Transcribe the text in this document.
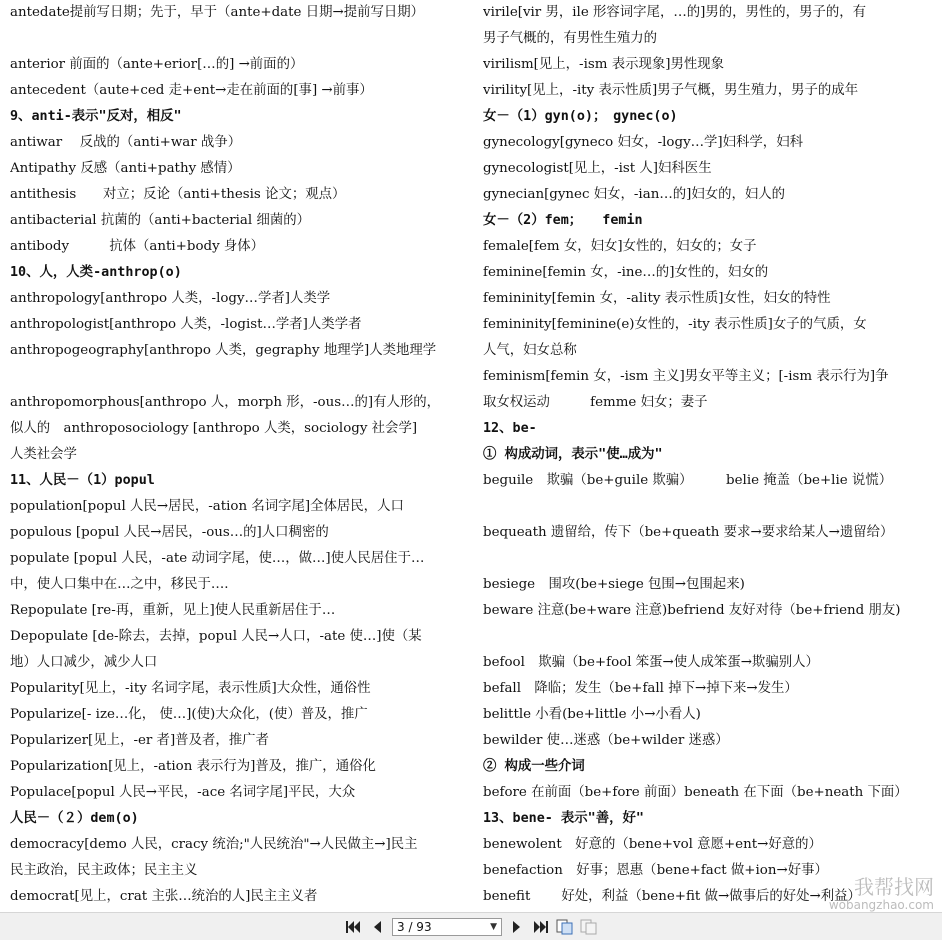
antedate提前写日期；先于，早于（ante+date 日期→提前写日期）
anterior 前面的（ante+erior[…的] →前面的）
antecedent（aute+ced 走+ent→走在前面的[事] →前事）
9、anti-表示"反对，相反"
antiwar　 反战的（anti+war 战争）
Antipathy 反感（anti+pathy 感情）
antithesis　　对立；反论（anti+thesis 论文；观点）
antibacterial 抗菌的（anti+bacterial 细菌的）
antibody　　　抗体（anti+body 身体）
10、人，人类-anthrop(o)
anthropology[anthropo 人类，-logy…学者]人类学
anthropologist[anthropo 人类，-logist…学者]人类学者
anthropogeography[anthropo 人类，gegraphy 地理学]人类地理学
anthropomorphous[anthropo 人，morph 形，-ous…的]有人形的，
似人的　anthroposociology [anthropo 人类，sociology 社会学]
人类社会学
11、人民－（1）popul
population[popul 人民→居民，-ation 名词字尾]全体居民，人口
populous [popul 人民→居民，-ous…的]人口稠密的
populate [popul 人民，-ate 动词字尾，使…，做…]使人民居住于…
中，使人口集中在…之中，移民于….
Repopulate [re-再，重新，见上]使人民重新居住于…
Depopulate [de-除去，去掉，popul 人民→人口，-ate 使…]使（某
地）人口减少，减少人口
Popularity[见上，-ity 名词字尾，表示性质]大众性，通俗性
Popularize[- ize…化， 使…](使)大众化，(使）普及，推广
Popularizer[见上，-er 者]普及者，推广者
Popularization[见上，-ation 表示行为]普及，推广，通俗化
Populace[popul 人民→平民，-ace 名词字尾]平民，大众
人民－（２）dem(o)
democracy[demo 人民，cracy 统治;"人民统治"→人民做主→]民主
民主政治，民主政体；民主主义
democrat[见上，crat 主张…统治的人]民主主义者
virile[vir 男，ile 形容词字尾，…的]男的，男性的，男子的，有
男子气概的，有男性生殖力的
virilism[见上，-ism 表示现象]男性现象
virility[见上，-ity 表示性质]男子气概，男生殖力，男子的成年
女－（1）gyn(o)；　gynec(o)
gynecology[gyneco 妇女，-logy…学]妇科学，妇科
gynecologist[见上，-ist 人]妇科医生
gynecian[gynec 妇女，-ian…的]妇女的，妇人的
女－（2）fem；　　femin
female[fem 女，妇女]女性的，妇女的；女子
feminine[femin 女，-ine…的]女性的，妇女的
femininity[femin 女，-ality 表示性质]女性，妇女的特性
femininity[feminine(e)女性的，-ity 表示性质]女子的气质，女
人气，妇女总称
feminism[femin 女，-ism 主义]男女平等主义；[-ism 表示行为]争
取女权运动　　　femme 妇女；妻子
12、be-
① 构成动词，表示"使…成为"
beguile　欺骗（be+guile 欺骗）　　　belie 掩盖（be+lie 说慌）
bequeath 遗留给，传下（be+queath 要求→要求给某人→遗留给）
besiege　围攻(be+siege 包围→包围起来)
beware 注意(be+ware 注意)befriend 友好对待（be+friend 朋友)
befool　欺骗（be+fool 笨蛋→使人成笨蛋→欺骗别人）
befall　降临；发生（be+fall 掉下→掉下来→发生）
belittle 小看(be+little 小→小看人)
bewilder 使…迷惑（be+wilder 迷惑）
② 构成一些介词
before 在前面（be+fore 前面）beneath 在下面（be+neath 下面）
13、bene- 表示"善，好"
benewolent　好意的（bene+vol 意愿+ent→好意的）
benefaction　好事；恩惠（bene+fact 做+ion→好事）
benefit　　 好处，利益（bene+fit 做→做事后的好处→利益）
我帮找网
wobangzhao.com
3 / 93	▼
